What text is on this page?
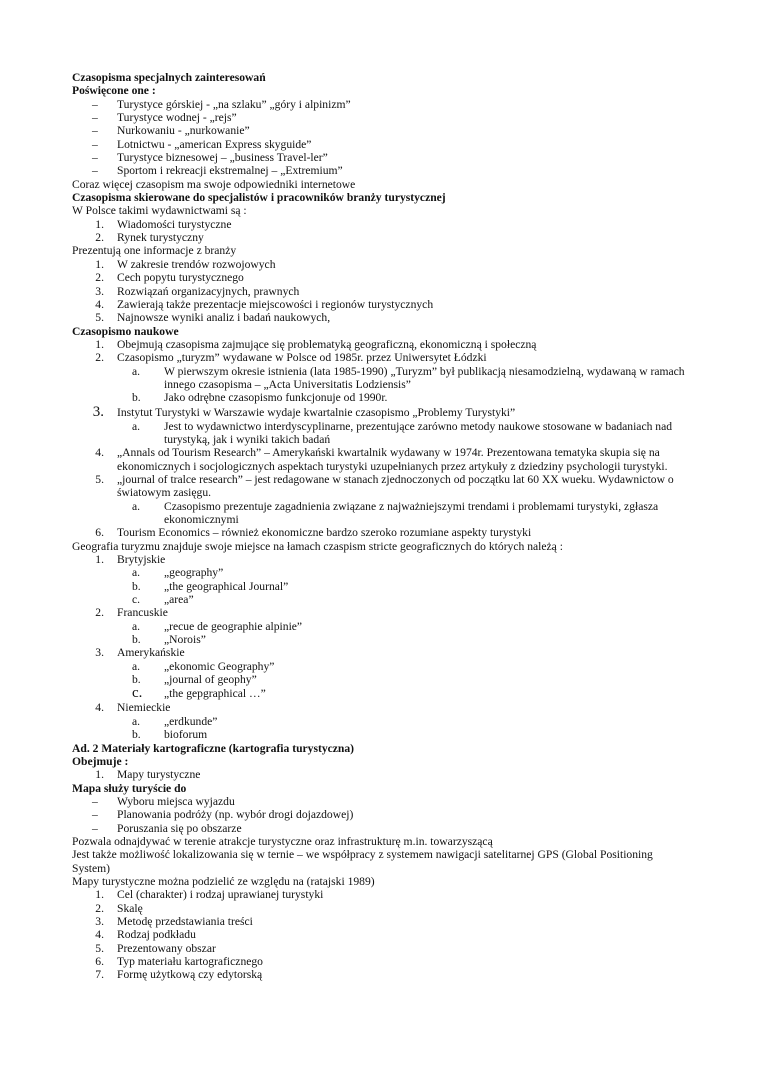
Czasopisma specjalnych zainteresowań
Poświęcone one :
–	Turystyce górskiej - „na szlaku” „góry i alpinizm”
–	Turystyce wodnej - „rejs”
–	Nurkowaniu - „nurkowanie”
–	Lotnictwu - „american Express skyguide”
–	Turystyce biznesowej – „business Travel-ler”
–	Sportom i rekreacji ekstremalnej – „Extremium”
Coraz więcej czasopism ma swoje odpowiedniki internetowe
Czasopisma skierowane do specjalistów i pracowników branży turystycznej
W Polsce takimi wydawnictwami są :
1. Wiadomości turystyczne
2. Rynek turystyczny
Prezentują one informacje z branży
1. W zakresie trendów rozwojowych
2. Cech popytu turystycznego
3. Rozwiązań organizacyjnych, prawnych
4. Zawierają także prezentacje miejscowości i regionów turystycznych
5. Najnowsze wyniki analiz i badań naukowych,
Czasopismo naukowe
1. Obejmują czasopisma zajmujące się problematyką geograficzną, ekonomiczną i społeczną
2. Czasopismo „turyzm” wydawane w Polsce od 1985r. przez Uniwersytet Łódzki
a.	W pierwszym okresie istnienia (lata 1985-1990) „Turyzm” był publikacją niesamodzielną, wydawaną w ramach
innego czasopisma – „Acta Universitatis Lodziensis”
b.	Jako odrębne czasopismo funkcjonuje od 1990r.
3. Instytut Turystyki w Warszawie wydaje kwartalnie czasopismo „Problemy Turystyki”
a.	Jest to wydawnictwo interdyscyplinarne, prezentujące zarówno metody naukowe stosowane w badaniach nad
turystyką, jak i wyniki takich badań
4. „Annals od Tourism Research” – Amerykański kwartalnik wydawany w 1974r. Prezentowana tematyka skupia się na
ekonomicznych i socjologicznych aspektach turystyki uzupełnianych przez artykuły z dziedziny psychologii turystyki.
5. „journal of tralce research” – jest redagowane w stanach zjednoczonych od początku lat 60 XX wueku. Wydawnictow o
światowym zasięgu.
a.	Czasopismo prezentuje zagadnienia związane z najważniejszymi trendami i problemami turystyki, zgłasza
ekonomicznymi
6. Tourism Economics – również ekonomiczne bardzo szeroko rozumiane aspekty turystyki
Geografia turyzmu znajduje swoje miejsce na łamach czaspism stricte geograficznych do których należą :
1. Brytyjskie
a.	„geography”
b.	„the geographical Journal”
c.	„area”
2. Francuskie
a.	„recue de geographie alpinie”
b.	„Norois”
3. Amerykańskie
a.	„ekonomic Geography”
b.	„journal of geophy”
c.	„the gepgraphical …”
4. Niemieckie
a.	„erdkunde”
b.	bioforum
Ad. 2 Materiały kartograficzne (kartografia turystyczna)
Obejmuje :
1. Mapy turystyczne
Mapa służy turyście do
–	Wyboru miejsca wyjazdu
–	Planowania podróży (np. wybór drogi dojazdowej)
–	Poruszania się po obszarze
Pozwala odnajdywać w terenie atrakcje turystyczne oraz infrastrukturę m.in. towarzyszącą
Jest także możliwość lokalizowania się w ternie – we współpracy z systemem nawigacji satelitarnej GPS (Global Positioning
System)
Mapy turystyczne można podzielić ze względu na (ratajski 1989)
1. Cel (charakter) i rodzaj uprawianej turystyki
2. Skalę
3. Metodę przedstawiania treści
4. Rodzaj podkładu
5. Prezentowany obszar
6. Typ materiału kartograficznego
7. Formę użytkową czy edytorską
